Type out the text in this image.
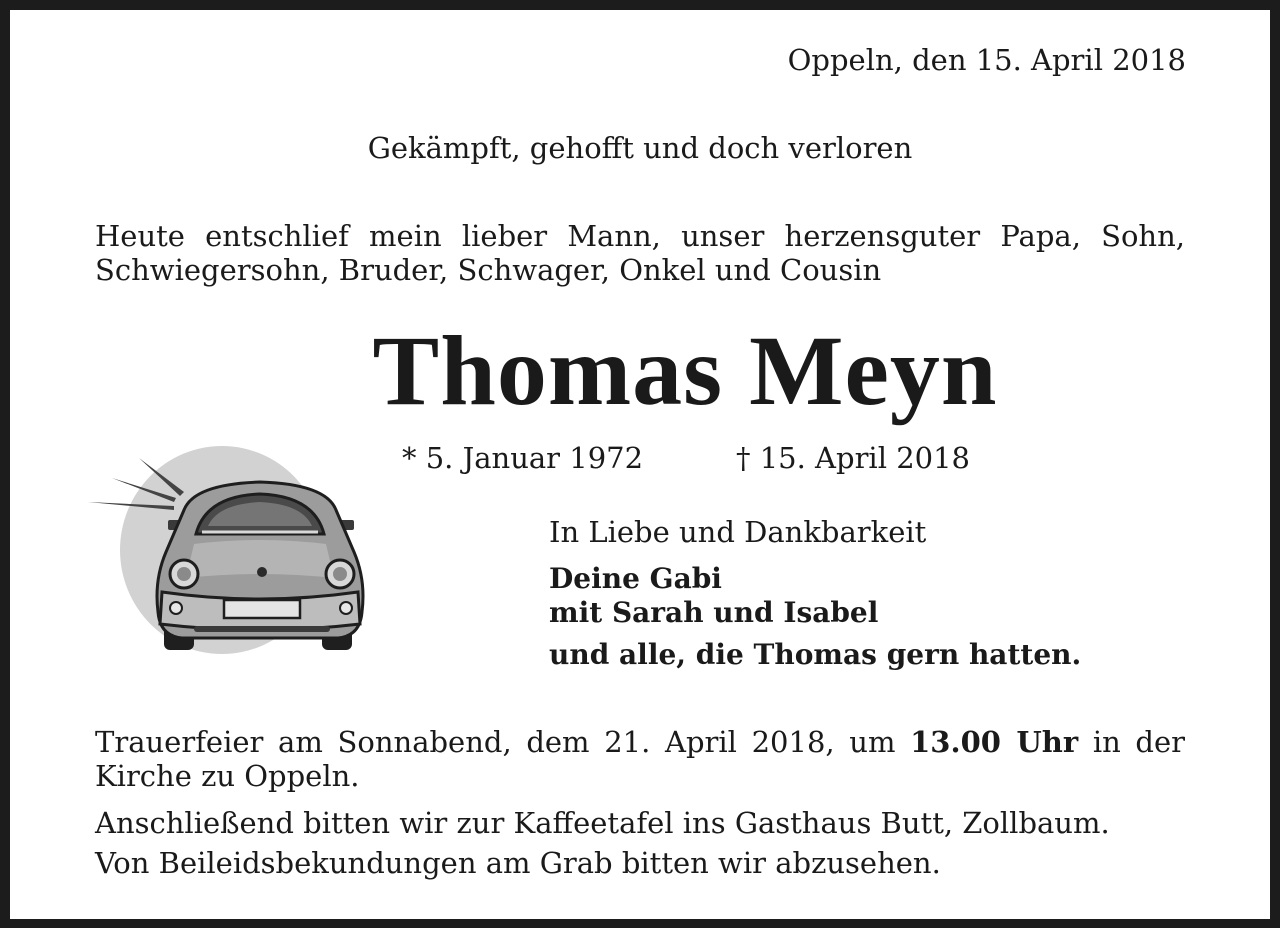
Oppeln, den 15. April 2018

Gekämpft, gehofft und doch verloren

Heute entschlief mein lieber Mann, unser herzensguter Papa, Sohn,
Schwiegersohn, Bruder, Schwager, Onkel und Cousin

Thomas Meyn

* 5. Januar 1972	† 15. April 2018

In Liebe und Dankbarkeit

Deine Gabi

mit Sarah und Isabel

und alle, die Thomas gern hatten.

Trauerfeier am Sonnabend, dem 21. April 2018, um 13.00 Uhr in der
Kirche zu Oppeln.

Anschließend bitten wir zur Kaffeetafel ins Gasthaus Butt, Zollbaum.

Von Beileidsbekundungen am Grab bitten wir abzusehen.
